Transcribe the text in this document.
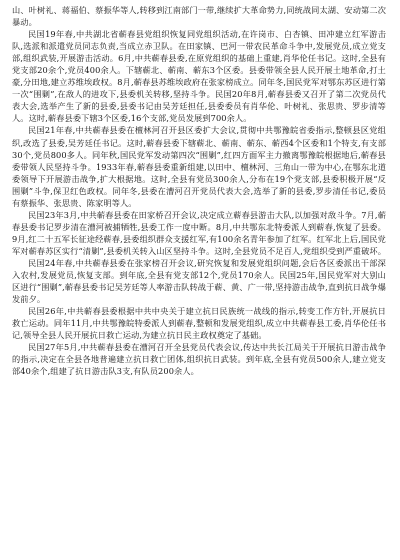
山、叶树礼、蒋福伯、蔡振华等人,转移到江南部门一带,继续扩大革命势力,同统战同太湖、安动第二次暴动。

民国19年春,中共湖北省蕲春县党组织恢复同党组织活动,在许岗市、白杏镇、田冲建立红军游击队,选派和派遣党员同志负责,当成立赤卫队。在田家镇、巴河一带农民革命斗争中,发展党员,成立党支部,组织武装,开展游击活动。6月,中共蕲春县委,在原党组织的基础上重建,肖华伦任书记。这时,全县有党支部20余个,党员400余人。下辖蕲北、蕲南、蕲东3个区委。县委带领全县人民开展土地革命,打土豪,分田地,建立苏维埃政权。8月,蕲春县苏维埃政府在张家榜成立。同年冬,国民党军对鄂东苏区进行第一次“围剿”,在敌人的进攻下,县委机关转移,坚持斗争。民国20年8月,蕲春县委又召开了第二次党员代表大会,选举产生了新的县委,县委书记由吴芳廷担任,县委委员有肖华伦、叶树礼、张思贵、罗步清等人。这时,蕲春县委下辖3个区委,16个支部,党员发展到700余人。

民国21年春,中共蕲春县委在檀林河召开县区委扩大会议,贯彻中共鄂豫皖省委指示,整顿县区党组织,改选了县委,吴芳廷任书记。这时,蕲春县委下辖蕲北、蕲南、蕲东、蕲西4个区委和1个特支,有支部30个,党员800多人。同年秋,国民党军发动第四次“围剿”,红四方面军主力撤离鄂豫皖根据地后,蕲春县委带领人民坚持斗争。1933年春,蕲春县委重新组建,以田中、檀林河、三角山一带为中心,在鄂东北道委领导下开展游击战争,扩大根据地。这时,全县有党员300余人,分布在19个党支部,县委积极开展“反围剿”斗争,保卫红色政权。同年冬,县委在漕河召开党员代表大会,选举了新的县委,罗步清任书记,委员有蔡振华、张思贵、陈家明等人。

民国23年3月,中共蕲春县委在田家桥召开会议,决定成立蕲春县游击大队,以加强对敌斗争。7月,蕲春县委书记罗步清在漕河被捕牺牲,县委工作一度中断。8月,中共鄂东北特委派人到蕲春,恢复了县委。9月,红二十五军长征途经蕲春,县委组织群众支援红军,有100余名青年参加了红军。红军北上后,国民党军对蕲春苏区实行“清剿”,县委机关转入山区坚持斗争。这时,全县党员不足百人,党组织受到严重破坏。

民国24年春,中共蕲春县委在张家榜召开会议,研究恢复和发展党组织问题,会后各区委派出干部深入农村,发展党员,恢复支部。到年底,全县有党支部12个,党员170余人。民国25年,国民党军对大别山区进行“围剿”,蕲春县委书记吴芳廷等人率游击队转战于蕲、黄、广一带,坚持游击战争,直到抗日战争爆发前夕。

民国26年,中共蕲春县委根据中共中央关于建立抗日民族统一战线的指示,转变工作方针,开展抗日救亡运动。同年11月,中共鄂豫皖特委派人到蕲春,整顿和发展党组织,成立中共蕲春县工委,肖华伦任书记,领导全县人民开展抗日救亡运动,为建立抗日民主政权奠定了基础。

民国27年5月,中共蕲春县委在漕河召开全县党员代表会议,传达中共长江局关于开展抗日游击战争的指示,决定在全县各地普遍建立抗日救亡团体,组织抗日武装。到年底,全县有党员500余人,建立党支部40余个,组建了抗日游击队3支,有队员200余人。
